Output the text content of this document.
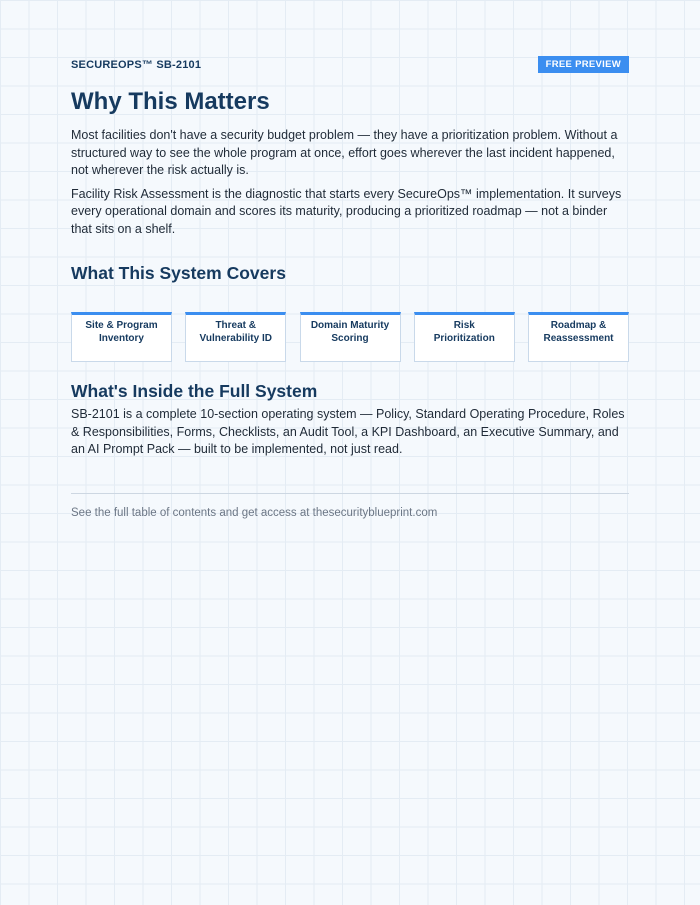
SECUREOPS™ SB-2101	FREE PREVIEW
Why This Matters

Most facilities don't have a security budget problem — they have a prioritization problem. Without a structured way to see the whole program at once, effort goes wherever the last incident happened, not wherever the risk actually is.

Facility Risk Assessment is the diagnostic that starts every SecureOps™ implementation. It surveys every operational domain and scores its maturity, producing a prioritized roadmap — not a binder that sits on a shelf.

What This System Covers
Site & Program
Inventory
Threat &
Vulnerability ID
Domain Maturity
Scoring
Risk
Prioritization
Roadmap &
Reassessment
What's Inside the Full System

SB-2101 is a complete 10-section operating system — Policy, Standard Operating Procedure, Roles & Responsibilities, Forms, Checklists, an Audit Tool, a KPI Dashboard, an Executive Summary, and an AI Prompt Pack — built to be implemented, not just read.

See the full table of contents and get access at thesecurityblueprint.com
